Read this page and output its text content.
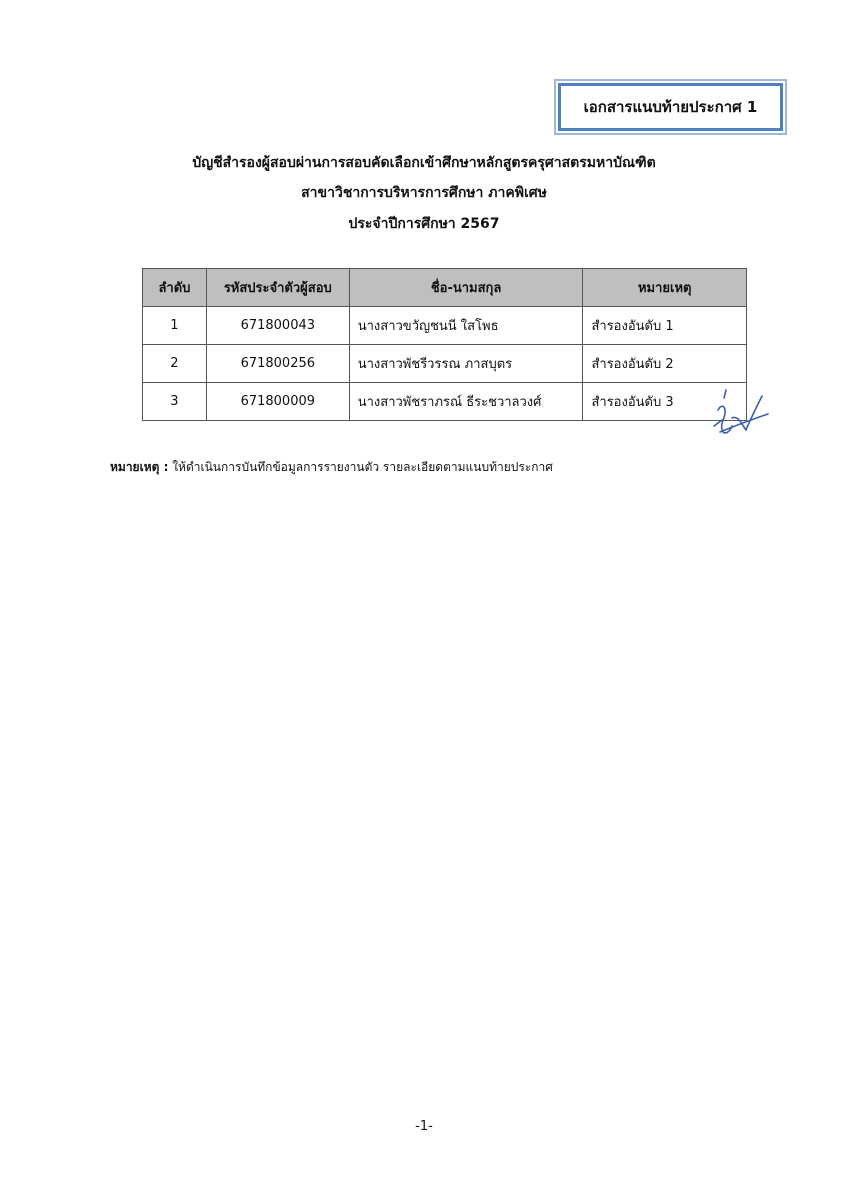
เอกสารแนบท้ายประกาศ 1
บัญชีสำรองผู้สอบผ่านการสอบคัดเลือกเข้าศึกษาหลักสูตรครุศาสตรมหาบัณฑิต
สาขาวิชาการบริหารการศึกษา ภาคพิเศษ
ประจำปีการศึกษา 2567
ลำดับ	รหัสประจำตัวผู้สอบ	ชื่อ-นามสกุล	หมายเหตุ
1	671800043	นางสาวขวัญชนนี ใสโพธ	สำรองอันดับ 1
2	671800256	นางสาวพัชรีวรรณ ภาสบุตร	สำรองอันดับ 2
3	671800009	นางสาวพัชราภรณ์ ธีระชวาลวงศ์	สำรองอันดับ 3
หมายเหตุ : ให้ดำเนินการบันทึกข้อมูลการรายงานตัว รายละเอียดตามแนบท้ายประกาศ
-1-
